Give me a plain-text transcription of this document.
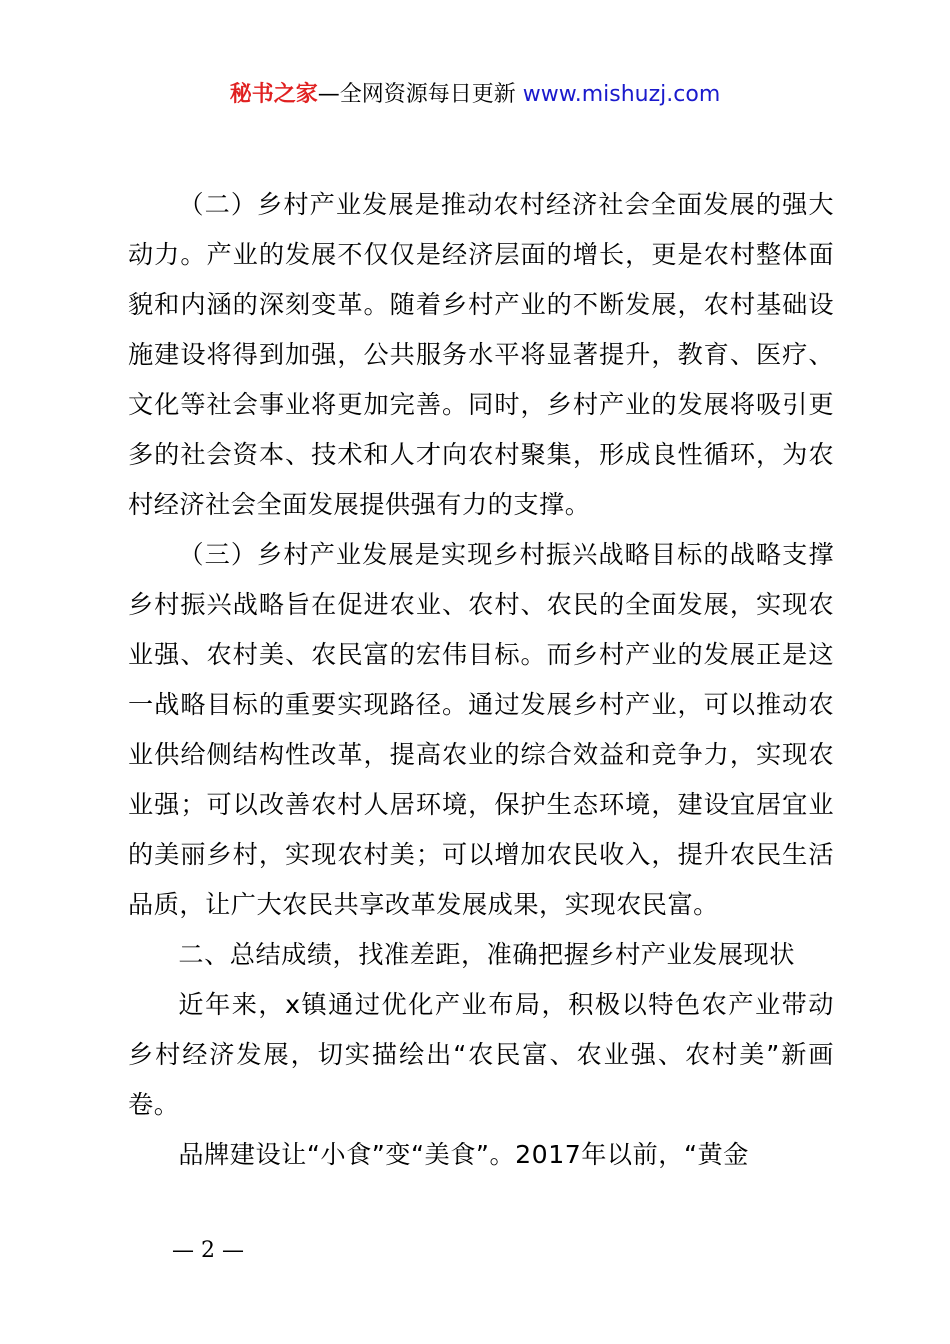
秘书之家—全网资源每日更新 www.mishuzj.com

（二）乡村产业发展是推动农村经济社会全面发展的强大动力。产业的发展不仅仅是经济层面的增长，更是农村整体面貌和内涵的深刻变革。随着乡村产业的不断发展，农村基础设施建设将得到加强，公共服务水平将显著提升，教育、医疗、文化等社会事业将更加完善。同时，乡村产业的发展将吸引更多的社会资本、技术和人才向农村聚集，形成良性循环，为农村经济社会全面发展提供强有力的支撑。

（三）乡村产业发展是实现乡村振兴战略目标的战略支撑乡村振兴战略旨在促进农业、农村、农民的全面发展，实现农业强、农村美、农民富的宏伟目标。而乡村产业的发展正是这一战略目标的重要实现路径。通过发展乡村产业，可以推动农业供给侧结构性改革，提高农业的综合效益和竞争力，实现农业强；可以改善农村人居环境，保护生态环境，建设宜居宜业的美丽乡村，实现农村美；可以增加农民收入，提升农民生活品质，让广大农民共享改革发展成果，实现农民富。

二、总结成绩，找准差距，准确把握乡村产业发展现状

近年来，x镇通过优化产业布局，积极以特色农产业带动乡村经济发展，切实描绘出“农民富、农业强、农村美”新画卷。

品牌建设让“小食”变“美食”。2017年以前，“黄金

— 2 —
